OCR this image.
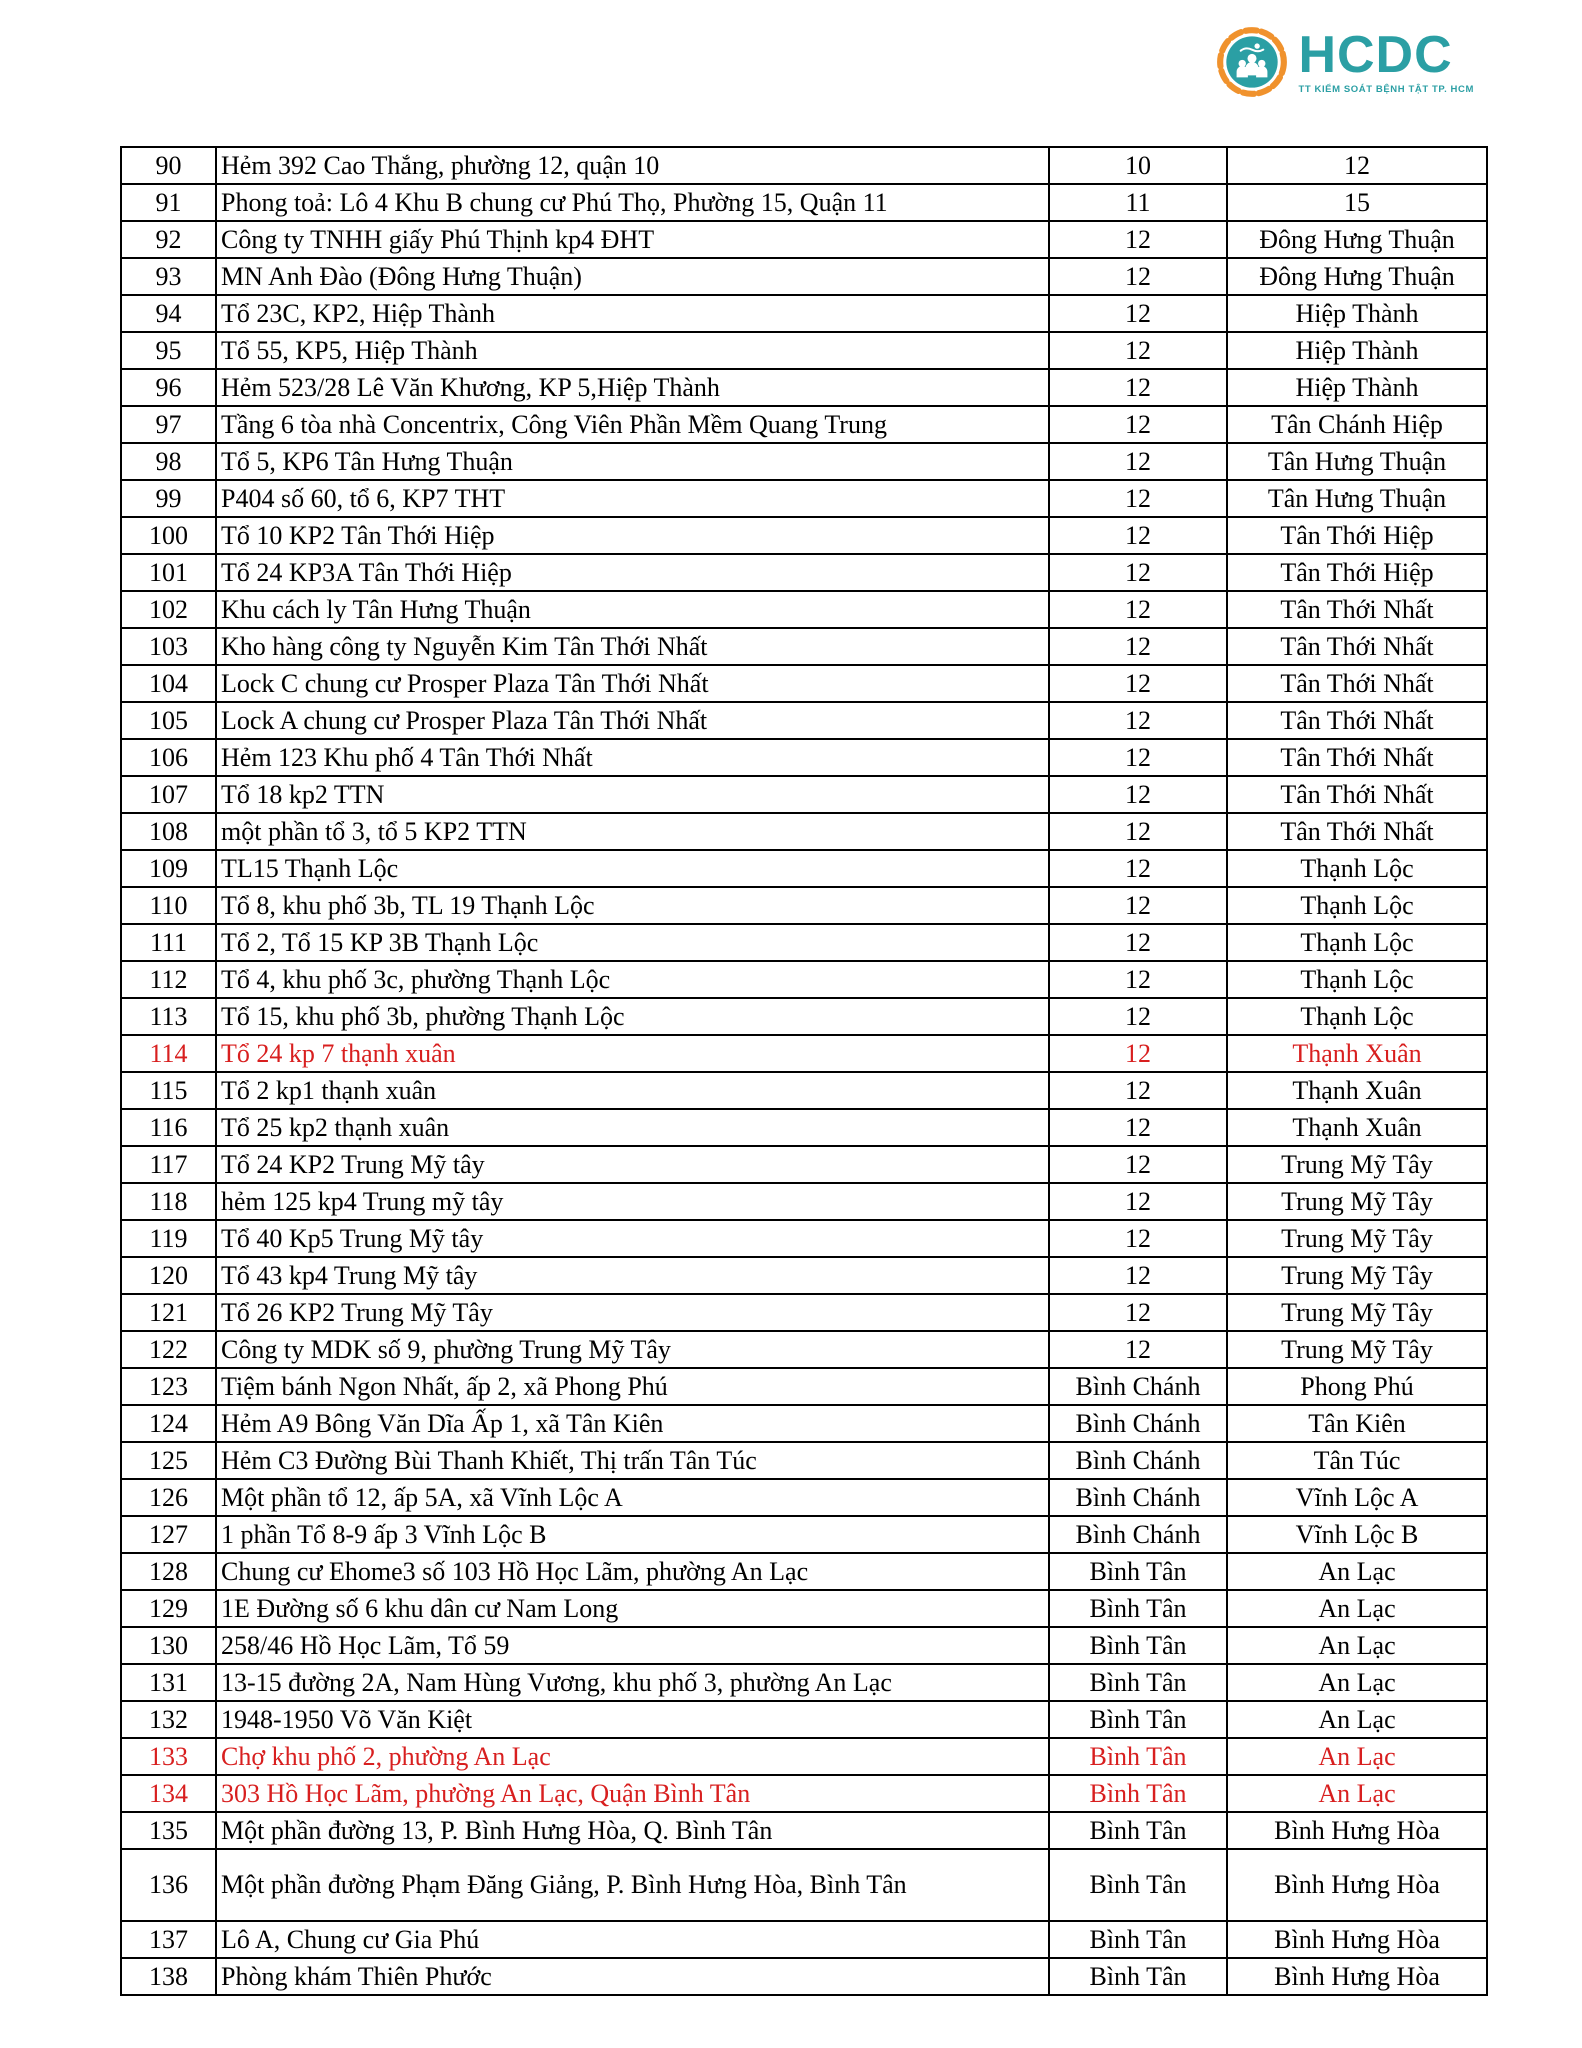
HCDC
TT KIỂM SOÁT BỆNH TẬT TP. HCM
90	Hẻm 392 Cao Thắng, phường 12, quận 10	10	12
91	Phong toả: Lô 4 Khu B chung cư Phú Thọ, Phường 15, Quận 11	11	15
92	Công ty TNHH giấy Phú Thịnh kp4 ĐHT	12	Đông Hưng Thuận
93	MN Anh Đào (Đông Hưng Thuận)	12	Đông Hưng Thuận
94	Tổ 23C, KP2, Hiệp Thành	12	Hiệp Thành
95	Tổ 55, KP5, Hiệp Thành	12	Hiệp Thành
96	Hẻm 523/28 Lê Văn Khương, KP 5,Hiệp Thành	12	Hiệp Thành
97	Tầng 6 tòa nhà Concentrix, Công Viên Phần Mềm Quang Trung	12	Tân Chánh Hiệp
98	Tổ 5, KP6 Tân Hưng Thuận	12	Tân Hưng Thuận
99	P404 số 60, tổ 6, KP7 THT	12	Tân Hưng Thuận
100	Tổ 10 KP2 Tân Thới Hiệp	12	Tân Thới Hiệp
101	Tổ 24 KP3A Tân Thới Hiệp	12	Tân Thới Hiệp
102	Khu cách ly Tân Hưng Thuận	12	Tân Thới Nhất
103	Kho hàng công ty Nguyễn Kim Tân Thới Nhất	12	Tân Thới Nhất
104	Lock C chung cư Prosper Plaza Tân Thới Nhất	12	Tân Thới Nhất
105	Lock A chung cư Prosper Plaza Tân Thới Nhất	12	Tân Thới Nhất
106	Hẻm 123 Khu phố 4 Tân Thới Nhất	12	Tân Thới Nhất
107	Tổ 18 kp2 TTN	12	Tân Thới Nhất
108	một phần tổ 3, tổ 5 KP2 TTN	12	Tân Thới Nhất
109	TL15 Thạnh Lộc	12	Thạnh Lộc
110	Tổ 8, khu phố 3b, TL 19 Thạnh Lộc	12	Thạnh Lộc
111	Tổ 2, Tổ 15 KP 3B Thạnh Lộc	12	Thạnh Lộc
112	Tổ 4, khu phố 3c, phường Thạnh Lộc	12	Thạnh Lộc
113	Tổ 15, khu phố 3b, phường Thạnh Lộc	12	Thạnh Lộc
114	Tổ 24 kp 7 thạnh xuân	12	Thạnh Xuân
115	Tổ 2 kp1 thạnh xuân	12	Thạnh Xuân
116	Tổ 25 kp2 thạnh xuân	12	Thạnh Xuân
117	Tổ 24 KP2 Trung Mỹ tây	12	Trung Mỹ Tây
118	hẻm 125 kp4 Trung mỹ tây	12	Trung Mỹ Tây
119	Tổ 40 Kp5 Trung Mỹ tây	12	Trung Mỹ Tây
120	Tổ 43 kp4 Trung Mỹ tây	12	Trung Mỹ Tây
121	Tổ 26 KP2 Trung Mỹ Tây	12	Trung Mỹ Tây
122	Công ty MDK số 9, phường Trung Mỹ Tây	12	Trung Mỹ Tây
123	Tiệm bánh Ngon Nhất, ấp 2, xã Phong Phú	Bình Chánh	Phong Phú
124	Hẻm A9 Bông Văn Dĩa Ấp 1, xã Tân Kiên	Bình Chánh	Tân Kiên
125	Hẻm C3 Đường Bùi Thanh Khiết, Thị trấn Tân Túc	Bình Chánh	Tân Túc
126	Một phần tổ 12, ấp 5A, xã Vĩnh Lộc A	Bình Chánh	Vĩnh Lộc A
127	1 phần Tổ 8-9 ấp 3 Vĩnh Lộc B	Bình Chánh	Vĩnh Lộc B
128	Chung cư Ehome3 số 103 Hồ Học Lãm, phường An Lạc	Bình Tân	An Lạc
129	1E Đường số 6 khu dân cư Nam Long	Bình Tân	An Lạc
130	258/46 Hồ Học Lãm, Tổ 59	Bình Tân	An Lạc
131	13-15 đường 2A, Nam Hùng Vương, khu phố 3, phường An Lạc	Bình Tân	An Lạc
132	1948-1950 Võ Văn Kiệt	Bình Tân	An Lạc
133	Chợ khu phố 2, phường An Lạc	Bình Tân	An Lạc
134	303 Hồ Học Lãm, phường An Lạc, Quận Bình Tân	Bình Tân	An Lạc
135	Một phần đường 13, P. Bình Hưng Hòa, Q. Bình Tân	Bình Tân	Bình Hưng Hòa
136	Một phần đường Phạm Đăng Giảng, P. Bình Hưng Hòa, Bình Tân	Bình Tân	Bình Hưng Hòa
137	Lô A, Chung cư Gia Phú	Bình Tân	Bình Hưng Hòa
138	Phòng khám Thiên Phước	Bình Tân	Bình Hưng Hòa
